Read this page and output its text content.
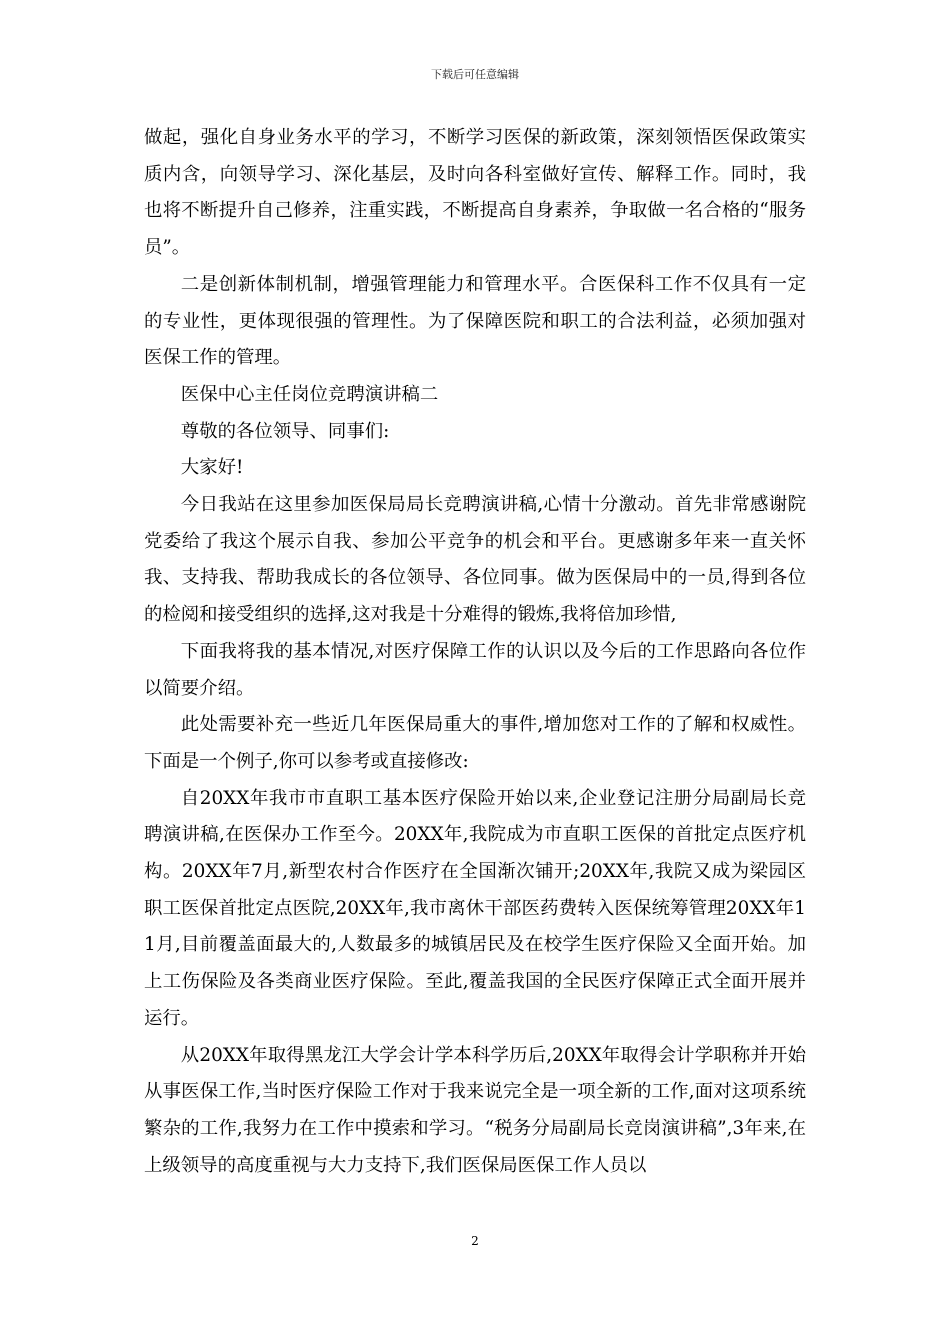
下载后可任意编辑

做起，强化自身业务水平的学习，不断学习医保的新政策，深刻领悟医保政策实质内含，向领导学习、深化基层，及时向各科室做好宣传、解释工作。同时，我也将不断提升自己修养，注重实践，不断提高自身素养，争取做一名合格的“服务员”。

二是创新体制机制，增强管理能力和管理水平。合医保科工作不仅具有一定的专业性，更体现很强的管理性。为了保障医院和职工的合法利益，必须加强对医保工作的管理。

医保中心主任岗位竞聘演讲稿二

尊敬的各位领导、同事们:

大家好!

今日我站在这里参加医保局局长竞聘演讲稿,心情十分激动。首先非常感谢院党委给了我这个展示自我、参加公平竞争的机会和平台。更感谢多年来一直关怀我、支持我、帮助我成长的各位领导、各位同事。做为医保局中的一员,得到各位的检阅和接受组织的选择,这对我是十分难得的锻炼,我将倍加珍惜,

下面我将我的基本情况,对医疗保障工作的认识以及今后的工作思路向各位作以简要介绍。

此处需要补充一些近几年医保局重大的事件,增加您对工作的了解和权威性。下面是一个例子,你可以参考或直接修改:

自20XX年我市市直职工基本医疗保险开始以来,企业登记注册分局副局长竞聘演讲稿,在医保办工作至今。20XX年,我院成为市直职工医保的首批定点医疗机构。20XX年7月,新型农村合作医疗在全国渐次铺开;20XX年,我院又成为梁园区职工医保首批定点医院,20XX年,我市离休干部医药费转入医保统筹管理20XX年11月,目前覆盖面最大的,人数最多的城镇居民及在校学生医疗保险又全面开始。加上工伤保险及各类商业医疗保险。至此,覆盖我国的全民医疗保障正式全面开展并运行。

从20XX年取得黑龙江大学会计学本科学历后,20XX年取得会计学职称并开始从事医保工作,当时医疗保险工作对于我来说完全是一项全新的工作,面对这项系统繁杂的工作,我努力在工作中摸索和学习。“税务分局副局长竞岗演讲稿”,3年来,在上级领导的高度重视与大力支持下,我们医保局医保工作人员以

2
